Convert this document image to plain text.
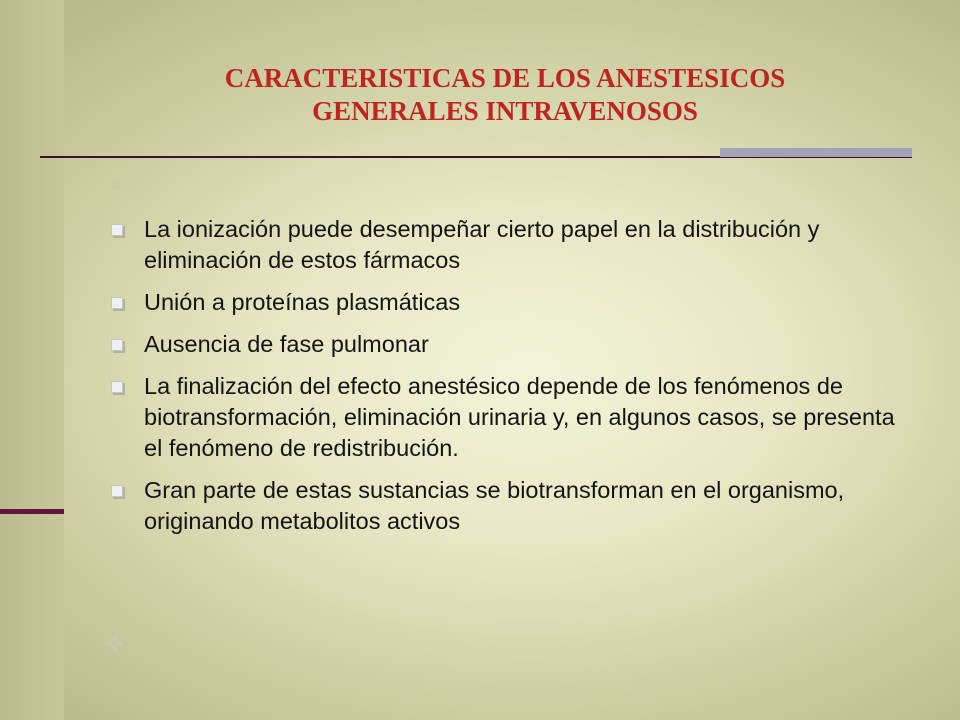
CARACTERISTICAS DE LOS ANESTESICOS
GENERALES INTRAVENOSOS
La ionización puede desempeñar cierto papel en la distribución y eliminación de estos fármacos
Unión a proteínas plasmáticas
Ausencia de fase pulmonar
La finalización del efecto anestésico depende de los fenómenos de biotransformación, eliminación urinaria y, en algunos casos, se presenta el fenómeno de redistribución.
Gran parte de estas sustancias se biotransforman en el organismo, originando metabolitos activos
❖
